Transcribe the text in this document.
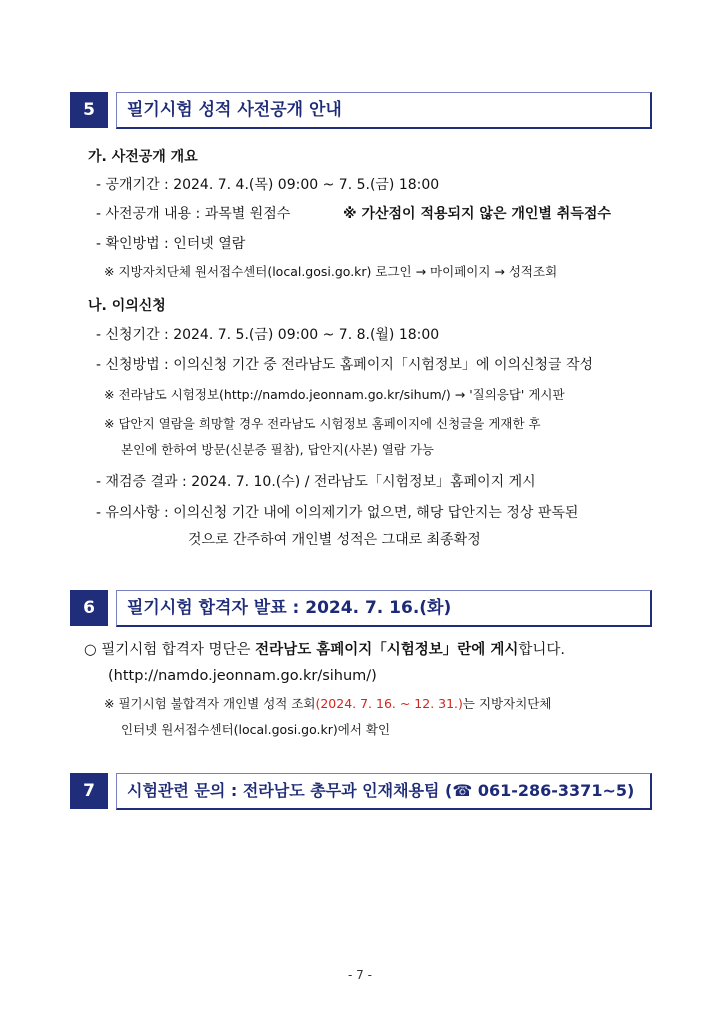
5	필기시험 성적 사전공개 안내
가. 사전공개 개요
- 공개기간 : 2024. 7. 4.(목) 09:00 ~ 7. 5.(금) 18:00
- 사전공개 내용 : 과목별 원점수	※ 가산점이 적용되지 않은 개인별 취득점수
- 확인방법 : 인터넷 열람
※ 지방자치단체 원서접수센터(local.gosi.go.kr) 로그인 → 마이페이지 → 성적조회
나. 이의신청
- 신청기간 : 2024. 7. 5.(금) 09:00 ~ 7. 8.(월) 18:00
- 신청방법 : 이의신청 기간 중 전라남도 홈페이지「시험정보」에 이의신청글 작성
※ 전라남도 시험정보(http://namdo.jeonnam.go.kr/sihum/) → '질의응답' 게시판
※ 답안지 열람을 희망할 경우 전라남도 시험정보 홈페이지에 신청글을 게재한 후
본인에 한하여 방문(신분증 필참), 답안지(사본) 열람 가능
- 재검증 결과 : 2024. 7. 10.(수) / 전라남도「시험정보」홈페이지 게시
- 유의사항 : 이의신청 기간 내에 이의제기가 없으면, 해당 답안지는 정상 판독된
것으로 간주하여 개인별 성적은 그대로 최종확정
6	필기시험 합격자 발표 : 2024. 7. 16.(화)
○ 필기시험 합격자 명단은 전라남도 홈페이지「시험정보」란에 게시합니다.
(http://namdo.jeonnam.go.kr/sihum/)
※ 필기시험 불합격자 개인별 성적 조회(2024. 7. 16. ~ 12. 31.)는 지방자치단체
인터넷 원서접수센터(local.gosi.go.kr)에서 확인
7	시험관련 문의 : 전라남도 총무과 인재채용팀 (☎ 061-286-3371~5)
- 7 -
